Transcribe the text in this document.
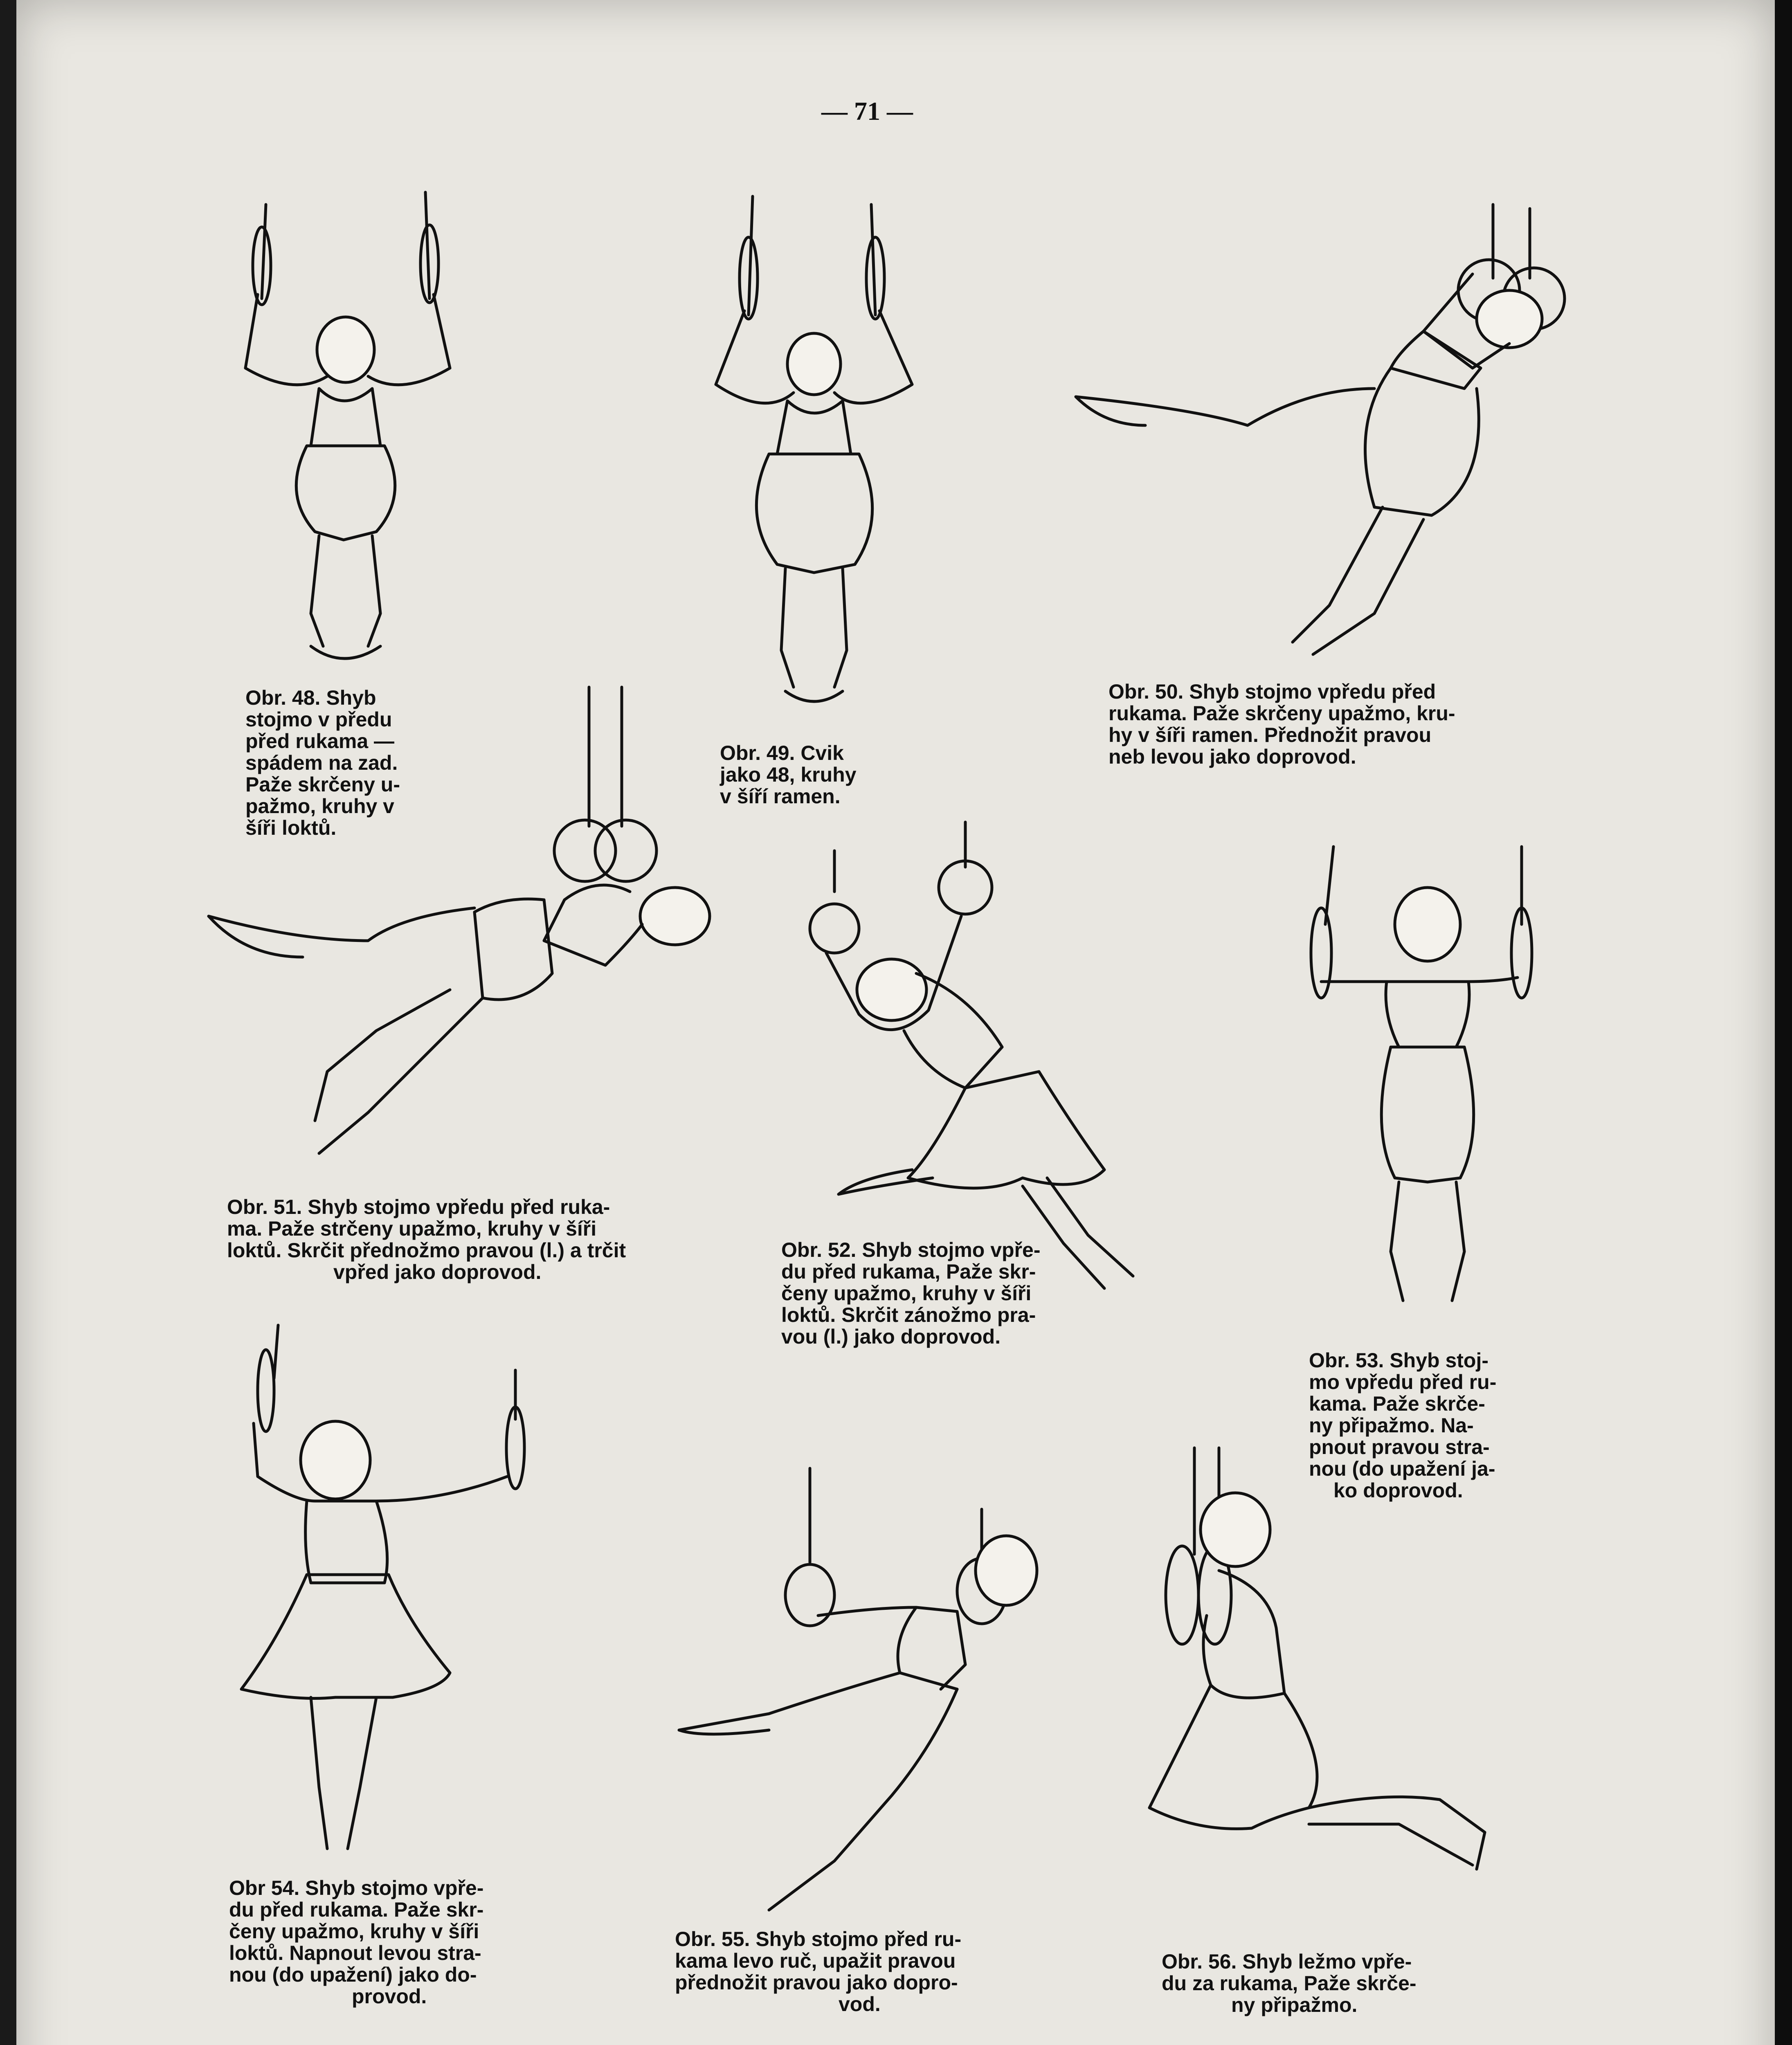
— 71 —
Obr. 48. Shyb
stojmo v předu
před rukama —
spádem na zad.
Paže skrčeny u-
pažmo, kruhy v
šíři loktů.
Obr. 49. Cvik
jako 48, kruhy
v šíří ramen.
Obr. 50. Shyb stojmo vpředu před
rukama. Paže skrčeny upažmo, kru-
hy v šíři ramen. Přednožit pravou
neb levou jako doprovod.
Obr. 51. Shyb stojmo vpředu před ruka-
ma. Paže strčeny upažmo, kruhy v šíři
loktů. Skrčit přednožmo pravou (l.) a trčit
vpřed jako doprovod.
Obr. 52. Shyb stojmo vpře-
du před rukama, Paže skr-
čeny upažmo, kruhy v šíři
loktů. Skrčit zánožmo pra-
vou (l.) jako doprovod.
Obr. 53. Shyb stoj-
mo vpředu před ru-
kama. Paže skrče-
ny připažmo. Na-
pnout pravou stra-
nou (do upažení ja-
ko doprovod.
Obr 54. Shyb stojmo vpře-
du před rukama. Paže skr-
čeny upažmo, kruhy v šíři
loktů. Napnout levou stra-
nou (do upažení) jako do-
provod.
Obr. 55. Shyb stojmo před ru-
kama levo ruč, upažit pravou
přednožit pravou jako dopro-
vod.
Obr. 56. Shyb ležmo vpře-
du za rukama, Paže skrče-
ny připažmo.
